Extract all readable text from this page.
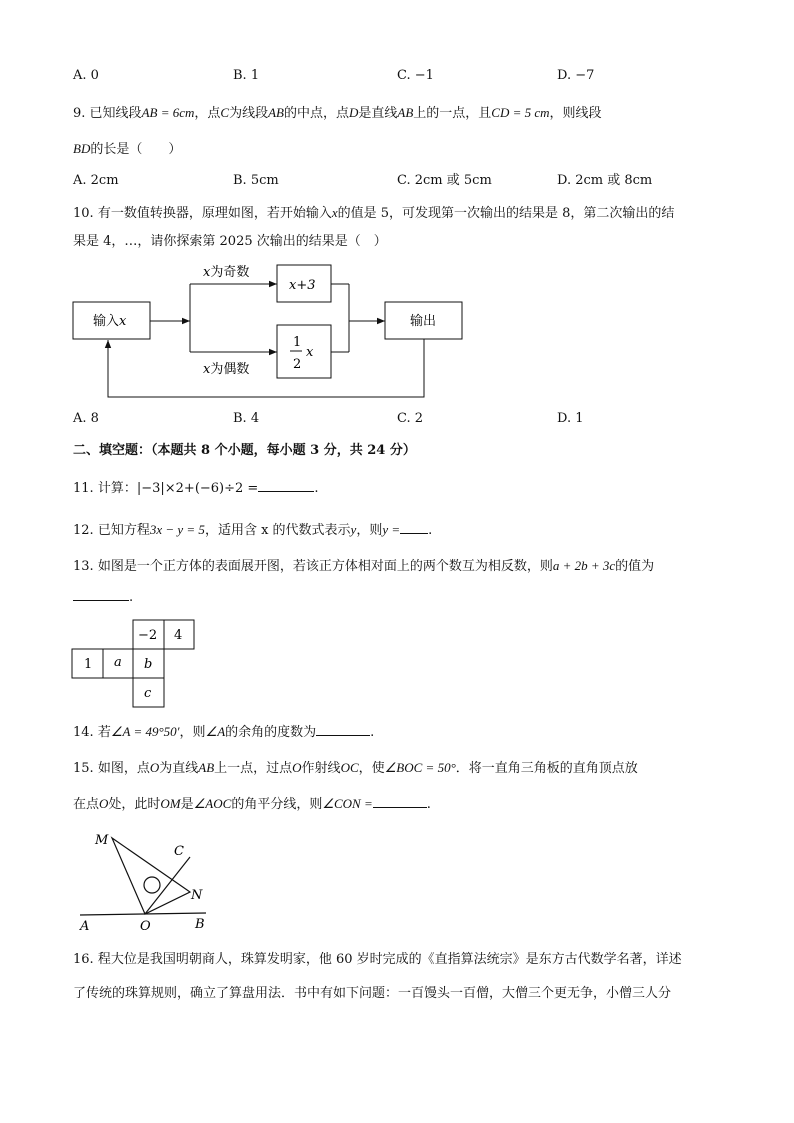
A. 0	B. 1	C. −1	D. −7
9. 已知线段AB = 6cm，点C为线段AB的中点，点D是直线AB上的一点，且CD = 5 cm，则线段
BD的长是（　　）
A. 2cm	B. 5cm	C. 2cm 或 5cm	D. 2cm 或 8cm
10. 有一数值转换器，原理如图，若开始输入x的值是 5，可发现第一次输出的结果是 8，第二次输出的结
果是 4，…，请你探索第 2025 次输出的结果是（　）
输入x
x为奇数
x为偶数
x+3
1
2
x
输出
A. 8	B. 4	C. 2	D. 1
二、填空题：（本题共 8 个小题，每小题 3 分，共 24 分）
11. 计算：|−3|×2+(−6)÷2 =	.
12. 已知方程3x − y = 5，适用含 x 的代数式表示y，则y = .
13. 如图是一个正方体的表面展开图，若该正方体相对面上的两个数互为相反数，则a + 2b + 3c的值为
.
−2 4
1 a b
c
14. 若∠A = 49°50′，则∠A的余角的度数为	.
15. 如图，点O为直线AB上一点，过点O作射线OC，使∠BOC = 50°．将一直角三角板的直角顶点放
在点O处，此时OM是∠AOC的角平分线，则∠CON =	.
M
C
N
A	O	B
16. 程大位是我国明朝商人，珠算发明家，他 60 岁时完成的《直指算法统宗》是东方古代数学名著，详述
了传统的珠算规则，确立了算盘用法．书中有如下问题：一百馒头一百僧，大僧三个更无争，小僧三人分
